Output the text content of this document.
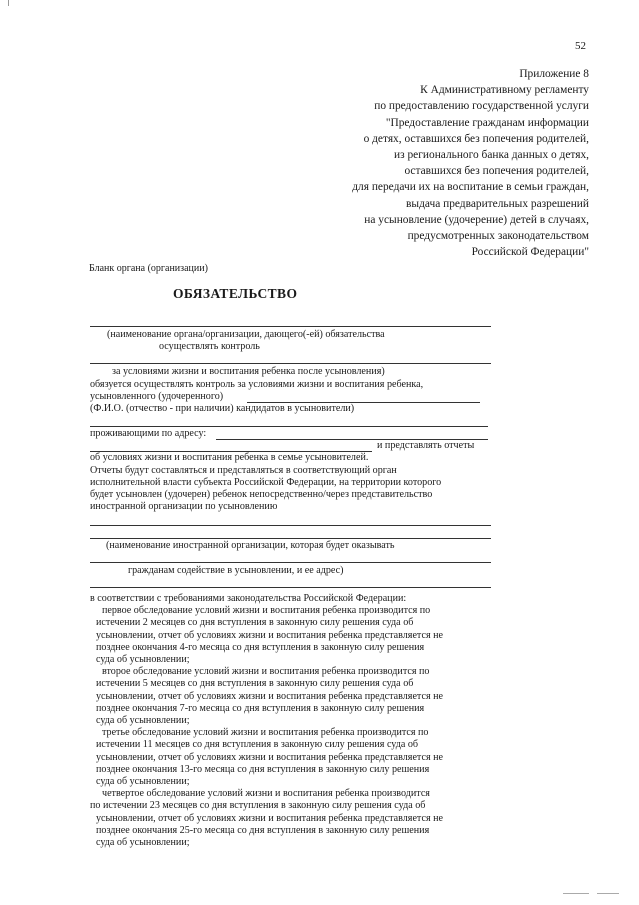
52
Приложение 8
К Административному регламенту
по предоставлению государственной услуги
"Предоставление гражданам информации
о детях, оставшихся без попечения родителей,
из регионального банка данных о детях,
оставшихся без попечения родителей,
для передачи их на воспитание в семьи граждан,
выдача предварительных разрешений
на усыновление (удочерение) детей в случаях,
предусмотренных законодательством
Российской Федерации"
Бланк органа (организации)
ОБЯЗАТЕЛЬСТВО
(наименование органа/организации, дающего(-ей) обязательства
осуществлять контроль
за условиями жизни и воспитания ребенка после усыновления)
обязуется осуществлять контроль за условиями жизни и воспитания ребенка,
усыновленного (удочеренного)
(Ф.И.О. (отчество - при наличии) кандидатов в усыновители)
проживающими по адресу:
и представлять отчеты
об условиях жизни и воспитания ребенка в семье усыновителей.
Отчеты будут составляться и представляться в соответствующий орган
исполнительной власти субъекта Российской Федерации, на территории которого
будет усыновлен (удочерен) ребенок непосредственно/через представительство
иностранной организации по усыновлению
(наименование иностранной организации, которая будет оказывать
гражданам содействие в усыновлении, и ее адрес)
в соответствии с требованиями законодательства Российской Федерации:
первое обследование условий жизни и воспитания ребенка производится по
истечении 2 месяцев со дня вступления в законную силу решения суда об
усыновлении, отчет об условиях жизни и воспитания ребенка представляется не
позднее окончания 4-го месяца со дня вступления в законную силу решения
суда об усыновлении;
второе обследование условий жизни и воспитания ребенка производится по
истечении 5 месяцев со дня вступления в законную силу решения суда об
усыновлении, отчет об условиях жизни и воспитания ребенка представляется не
позднее окончания 7-го месяца со дня вступления в законную силу решения
суда об усыновлении;
третье обследование условий жизни и воспитания ребенка производится по
истечении 11 месяцев со дня вступления в законную силу решения суда об
усыновлении, отчет об условиях жизни и воспитания ребенка представляется не
позднее окончания 13-го месяца со дня вступления в законную силу решения
суда об усыновлении;
четвертое обследование условий жизни и воспитания ребенка производится
по истечении 23 месяцев со дня вступления в законную силу решения суда об
усыновлении, отчет об условиях жизни и воспитания ребенка представляется не
позднее окончания 25-го месяца со дня вступления в законную силу решения
суда об усыновлении;
